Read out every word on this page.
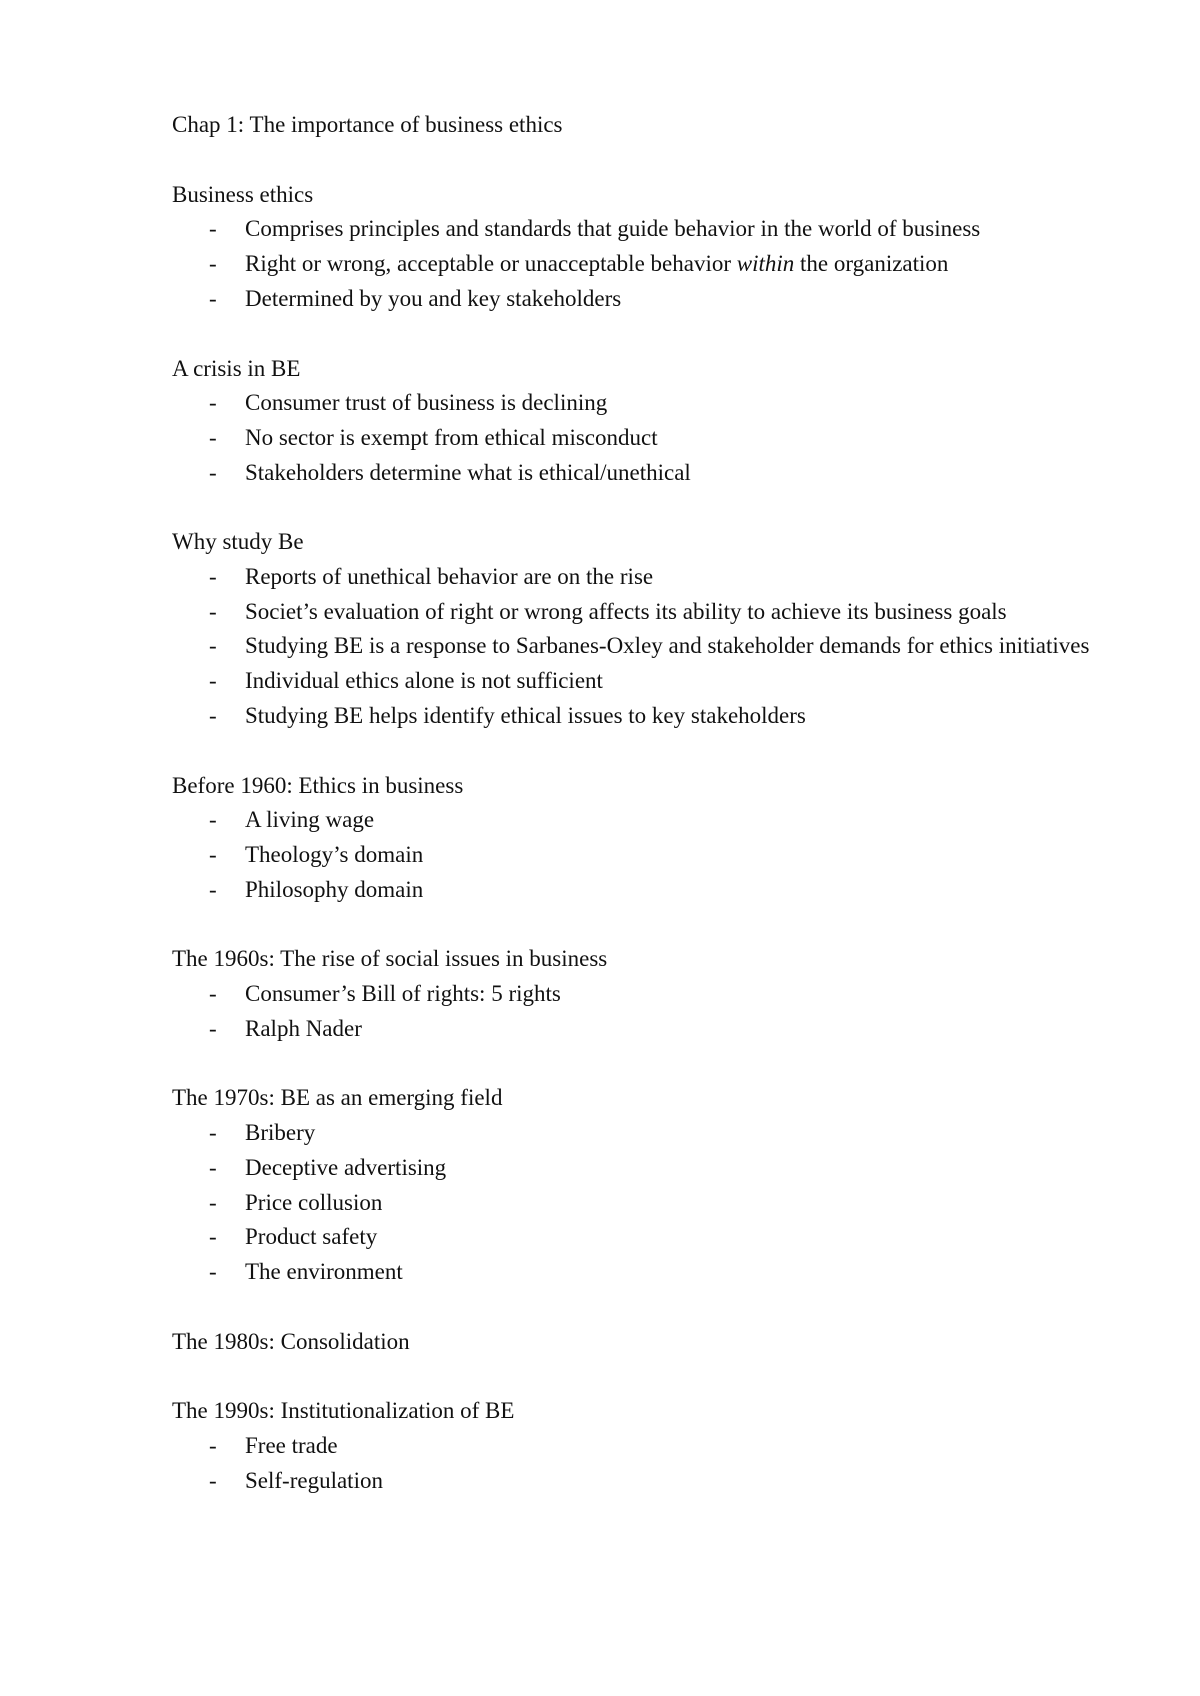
Chap 1: The importance of business ethics

Business ethics

- Comprises principles and standards that guide behavior in the world of business
- Right or wrong, acceptable or unacceptable behavior within the organization
- Determined by you and key stakeholders

A crisis in BE

- Consumer trust of business is declining
- No sector is exempt from ethical misconduct
- Stakeholders determine what is ethical/unethical

Why study Be

- Reports of unethical behavior are on the rise
- Societ’s evaluation of right or wrong affects its ability to achieve its business goals
- Studying BE is a response to Sarbanes-Oxley and stakeholder demands for ethics initiatives
- Individual ethics alone is not sufficient
- Studying BE helps identify ethical issues to key stakeholders

Before 1960: Ethics in business

- A living wage
- Theology’s domain
- Philosophy domain

The 1960s: The rise of social issues in business

- Consumer’s Bill of rights: 5 rights
- Ralph Nader

The 1970s: BE as an emerging field

- Bribery
- Deceptive advertising
- Price collusion
- Product safety
- The environment

The 1980s: Consolidation

The 1990s: Institutionalization of BE

- Free trade
- Self-regulation
